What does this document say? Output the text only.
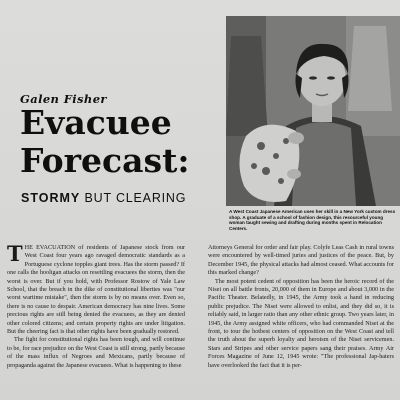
A West Coast Japanese American uses her skill in a New York custom dress shop. A graduate of a school of fashion design, this resourceful young woman taught sewing and drafting during months spent in Relocation Centers.
Galen Fisher
Evacuee
Forecast:
STORMY BUT CLEARING

THE EVACUATION of residents of Japanese stock from our West Coast four years ago ravaged democratic standards as a Portuguese cyclone topples giant trees. Has the storm passed? If one calls the hooligan attacks on resettling evacuees the storm, then the worst is over. But if you hold, with Professor Rostow of Yale Law School, that the breach in the dike of constitutional liberties was "our worst wartime mistake", then the storm is by no means over. Even so, there is no cause to despair. American democracy has nine lives. Some precious rights are still being denied the evacuees, as they are denied other colored citizens; and certain property rights are under litigation. But the cheering fact is that other rights have been gradually restored.

The fight for constitutional rights has been tough, and will continue to be, for race prejudice on the West Coast is still strong, partly because of the mass influx of Negroes and Mexicans, partly because of propaganda against the Japanese evacuees. What is happening to these

Attorneys General for order and fair play. Colyfe Leas Cash in rural towns were encountered by well-timed juries and justices of the peace. But, by December 1945, the physical attacks had almost ceased. What accounts for this marked change?

The most potent cedent of opposition has been the heroic record of the Nisei on all battle fronts, 20,000 of them in Europe and about 3,000 in the Pacific Theater. Belatedly, in 1945, the Army took a hand in reducing public prejudice. The Nisei were allowed to enlist, and they did so, it is reliably said, in larger ratio than any other ethnic group. Two years later, in 1945, the Army assigned white officers, who had commanded Nisei at the front, to tour the hotbest centers of opposition on the West Coast and tell the truth about the superb loyalty and heroism of the Nisei servicemen. Stars and Stripes and other service papers sang their praises. Army Air Forces Magazine of June 12, 1945 wrote: "The professional Jap-haters have overlooked the fact that it is per-
